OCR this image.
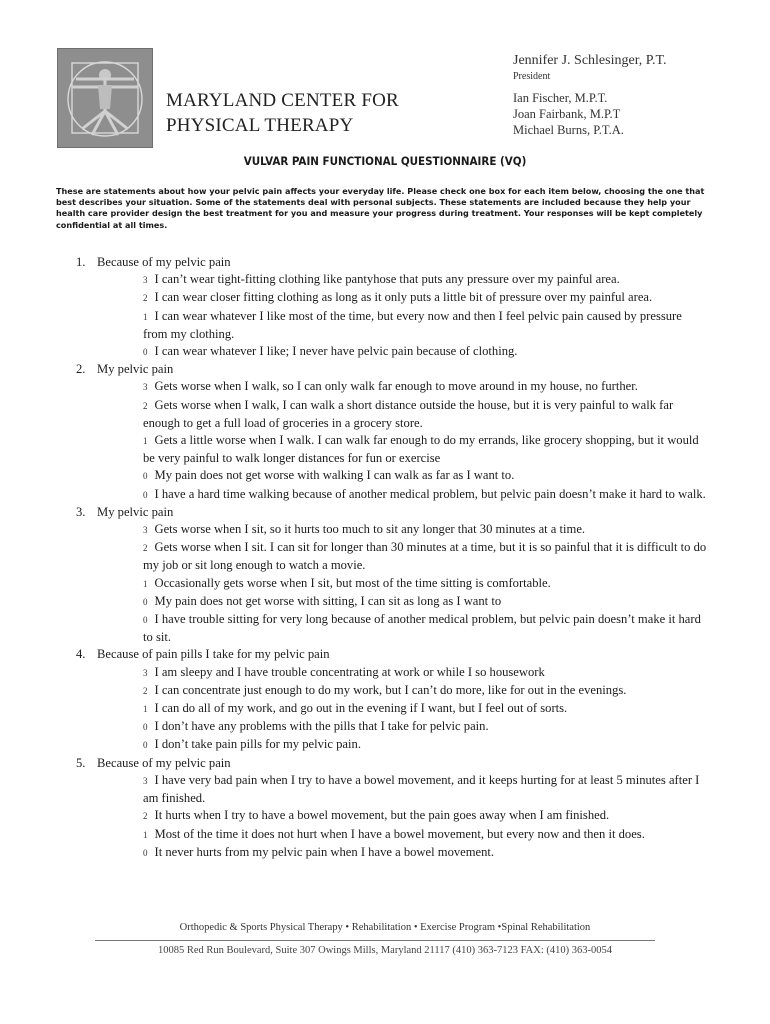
MARYLAND CENTER FOR
PHYSICAL THERAPY
Jennifer J. Schlesinger, P.T.
President
Ian Fischer, M.P.T.
Joan Fairbank, M.P.T
Michael Burns, P.T.A.
VULVAR PAIN FUNCTIONAL QUESTIONNAIRE (VQ)
These are statements about how your pelvic pain affects your everyday life. Please check one box for each item below, choosing the one that best describes your situation. Some of the statements deal with personal subjects. These statements are included because they help your health care provider design the best treatment for you and measure your progress during treatment. Your responses will be kept completely confidential at all times.
1. Because of my pelvic pain
3 I can’t wear tight-fitting clothing like pantyhose that puts any pressure over my painful area.
2 I can wear closer fitting clothing as long as it only puts a little bit of pressure over my painful area.
1 I can wear whatever I like most of the time, but every now and then I feel pelvic pain caused by pressure from my clothing.
0 I can wear whatever I like; I never have pelvic pain because of clothing.
2. My pelvic pain
3 Gets worse when I walk, so I can only walk far enough to move around in my house, no further.
2 Gets worse when I walk, I can walk a short distance outside the house, but it is very painful to walk far enough to get a full load of groceries in a grocery store.
1 Gets a little worse when I walk. I can walk far enough to do my errands, like grocery shopping, but it would be very painful to walk longer distances for fun or exercise
0 My pain does not get worse with walking I can walk as far as I want to.
0 I have a hard time walking because of another medical problem, but pelvic pain doesn’t make it hard to walk.
3. My pelvic pain
3 Gets worse when I sit, so it hurts too much to sit any longer that 30 minutes at a time.
2 Gets worse when I sit. I can sit for longer than 30 minutes at a time, but it is so painful that it is difficult to do my job or sit long enough to watch a movie.
1 Occasionally gets worse when I sit, but most of the time sitting is comfortable.
0 My pain does not get worse with sitting, I can sit as long as I want to
0 I have trouble sitting for very long because of another medical problem, but pelvic pain doesn’t make it hard to sit.
4. Because of pain pills I take for my pelvic pain
3 I am sleepy and I have trouble concentrating at work or while I so housework
2 I can concentrate just enough to do my work, but I can’t do more, like for out in the evenings.
1 I can do all of my work, and go out in the evening if I want, but I feel out of sorts.
0 I don’t have any problems with the pills that I take for pelvic pain.
0 I don’t take pain pills for my pelvic pain.
5. Because of my pelvic pain
3 I have very bad pain when I try to have a bowel movement, and it keeps hurting for at least 5 minutes after I am finished.
2 It hurts when I try to have a bowel movement, but the pain goes away when I am finished.
1 Most of the time it does not hurt when I have a bowel movement, but every now and then it does.
0 It never hurts from my pelvic pain when I have a bowel movement.
Orthopedic & Sports Physical Therapy • Rehabilitation • Exercise Program •Spinal Rehabilitation
10085 Red Run Boulevard, Suite 307 Owings Mills, Maryland 21117 (410) 363-7123 FAX: (410) 363-0054
